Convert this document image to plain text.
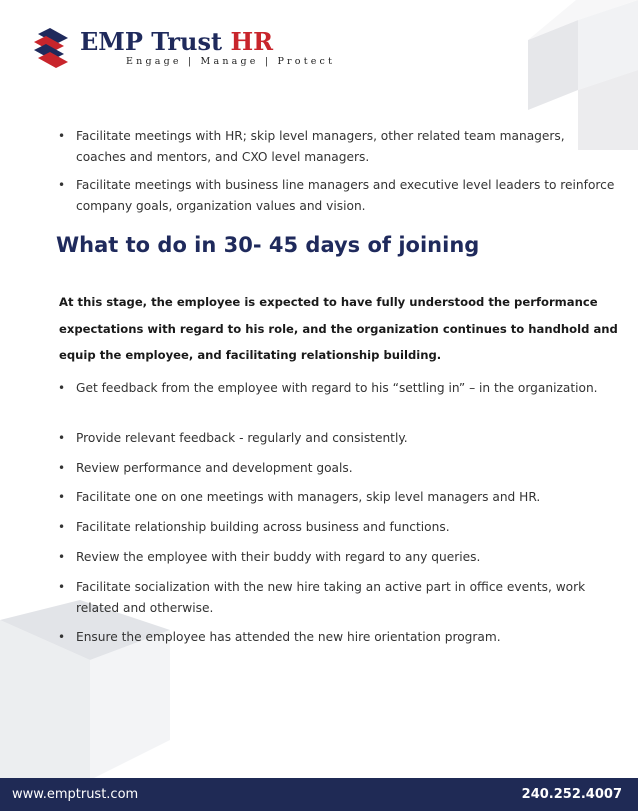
EMP Trust HR
Engage | Manage | Protect
• Facilitate meetings with HR; skip level managers, other related team managers, coaches and mentors, and CXO level managers.
• Facilitate meetings with business line managers and executive level leaders to reinforce company goals, organization values and vision.
What to do in 30- 45 days of joining
At this stage, the employee is expected to have fully understood the performance expectations with regard to his role, and the organization continues to handhold and equip the employee, and facilitating relationship building.
• Get feedback from the employee with regard to his “settling in” – in the organization.
• Provide relevant feedback - regularly and consistently.
• Review performance and development goals.
• Facilitate one on one meetings with managers, skip level managers and HR.
• Facilitate relationship building across business and functions.
• Review the employee with their buddy with regard to any queries.
• Facilitate socialization with the new hire taking an active part in office events, work related and otherwise.
• Ensure the employee has attended the new hire orientation program.
www.emptrust.com	240.252.4007
